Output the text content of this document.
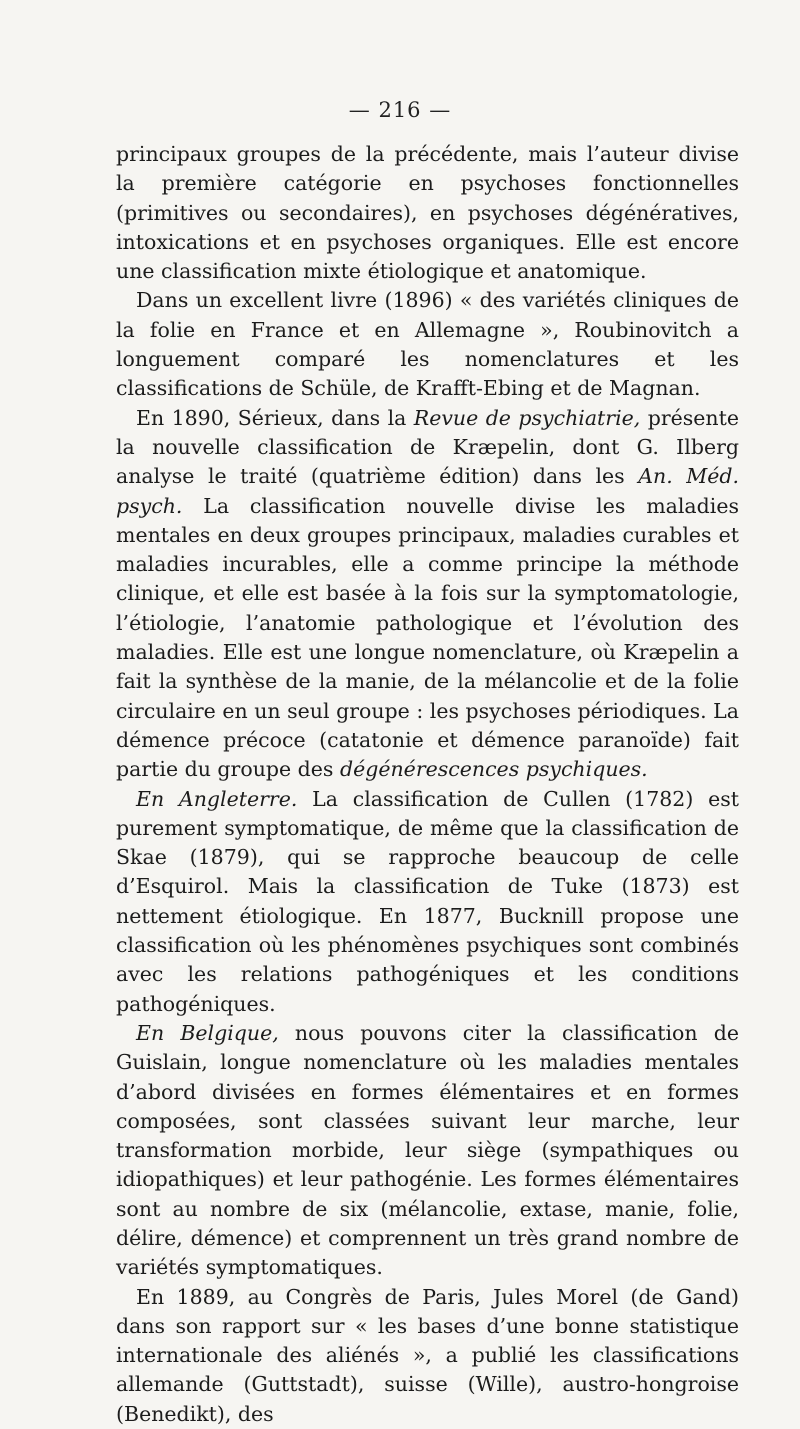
— 216 —

principaux groupes de la précédente, mais l’auteur divise la première catégorie en psychoses fonctionnelles (primitives ou secondaires), en psychoses dégénératives, intoxications et en psychoses organiques. Elle est encore une classification mixte étiologique et anatomique.

Dans un excellent livre (1896) « des variétés cliniques de la folie en France et en Allemagne », Roubinovitch a longuement comparé les nomenclatures et les classifications de Schüle, de Krafft-Ebing et de Magnan.

En 1890, Sérieux, dans la Revue de psychiatrie, présente la nouvelle classification de Kræpelin, dont G. Ilberg analyse le traité (quatrième édition) dans les An. Méd. psych. La classification nouvelle divise les maladies mentales en deux groupes principaux, maladies curables et maladies incurables, elle a comme principe la méthode clinique, et elle est basée à la fois sur la symptomatologie, l’étiologie, l’anatomie pathologique et l’évolution des maladies. Elle est une longue nomenclature, où Kræpelin a fait la synthèse de la manie, de la mélancolie et de la folie circulaire en un seul groupe : les psychoses périodiques. La démence précoce (catatonie et démence paranoïde) fait partie du groupe des dégénérescences psychiques.

En Angleterre. La classification de Cullen (1782) est purement symptomatique, de même que la classification de Skae (1879), qui se rapproche beaucoup de celle d’Esquirol. Mais la classification de Tuke (1873) est nettement étiologique. En 1877, Bucknill propose une classification où les phénomènes psychiques sont combinés avec les relations pathogéniques et les conditions pathogéniques.

En Belgique, nous pouvons citer la classification de Guislain, longue nomenclature où les maladies mentales d’abord divisées en formes élémentaires et en formes composées, sont classées suivant leur marche, leur transformation morbide, leur siège (sympathiques ou idiopathiques) et leur pathogénie. Les formes élémentaires sont au nombre de six (mélancolie, extase, manie, folie, délire, démence) et comprennent un très grand nombre de variétés symptomatiques.

En 1889, au Congrès de Paris, Jules Morel (de Gand) dans son rapport sur « les bases d’une bonne statistique internationale des aliénés », a publié les classifications allemande (Guttstadt), suisse (Wille), austro-hongroise (Benedikt), des
